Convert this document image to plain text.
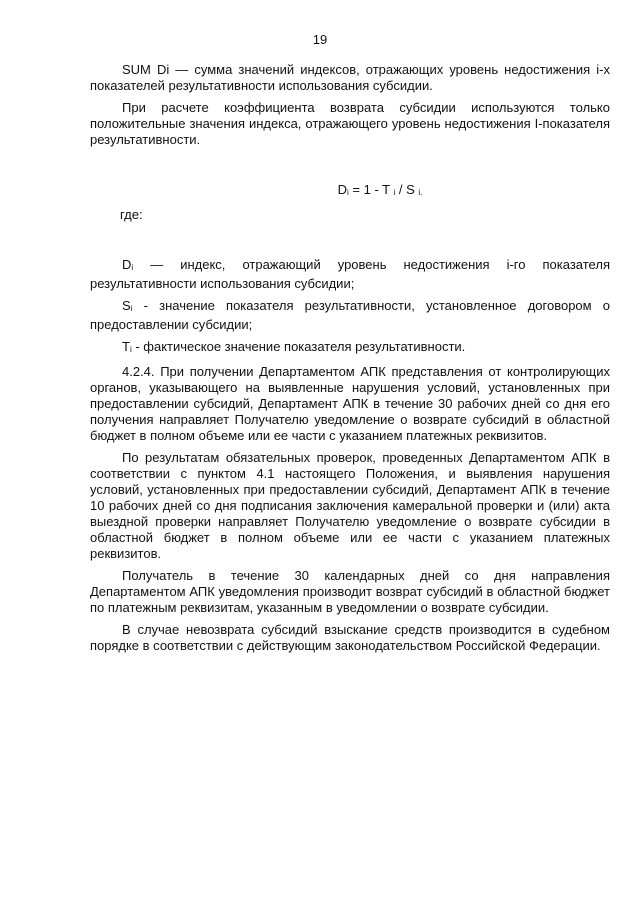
19

SUM Di — сумма значений индексов, отражающих уровень недостижения i-х показателей результативности использования субсидии.

При расчете коэффициента возврата субсидии используются только положительные значения индекса, отражающего уровень недостижения I-показателя результативности.

Di = 1 - T i / S i.
где:

Di — индекс, отражающий уровень недостижения i-го показателя результативности использования субсидии;

Si - значение показателя результативности, установленное договором о предоставлении субсидии;

Ti - фактическое значение показателя результативности.

4.2.4. При получении Департаментом АПК представления от контролирующих органов, указывающего на выявленные нарушения условий, установленных при предоставлении субсидий, Департамент АПК в течение 30 рабочих дней со дня его получения направляет Получателю уведомление о возврате субсидий в областной бюджет в полном объеме или ее части с указанием платежных реквизитов.

По результатам обязательных проверок, проведенных Департаментом АПК в соответствии с пунктом 4.1 настоящего Положения, и выявления нарушения условий, установленных при предоставлении субсидий, Департамент АПК в течение 10 рабочих дней со дня подписания заключения камеральной проверки и (или) акта выездной проверки направляет Получателю уведомление о возврате субсидии в областной бюджет в полном объеме или ее части с указанием платежных реквизитов.

Получатель в течение 30 календарных дней со дня направления Департаментом АПК уведомления производит возврат субсидий в областной бюджет по платежным реквизитам, указанным в уведомлении о возврате субсидии.

В случае невозврата субсидий взыскание средств производится в судебном порядке в соответствии с действующим законодательством Российской Федерации.
